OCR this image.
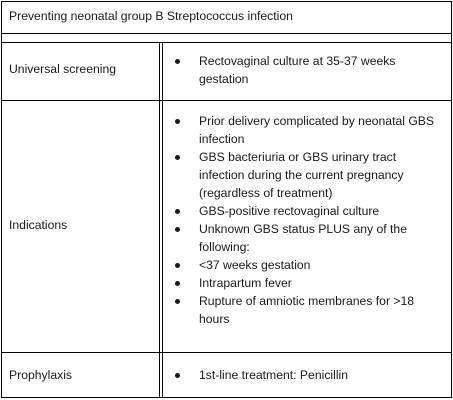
Preventing neonatal group B Streptococcus infection
Universal screening
Rectovaginal culture at 35-37 weeks gestation
Indications
Prior delivery complicated by neonatal GBS infection
GBS bacteriuria or GBS urinary tract infection during the current pregnancy (regardless of treatment)
GBS-positive rectovaginal culture
Unknown GBS status PLUS any of the following:
<37 weeks gestation
Intrapartum fever
Rupture of amniotic membranes for >18 hours
Prophylaxis	1st-line treatment: Penicillin
